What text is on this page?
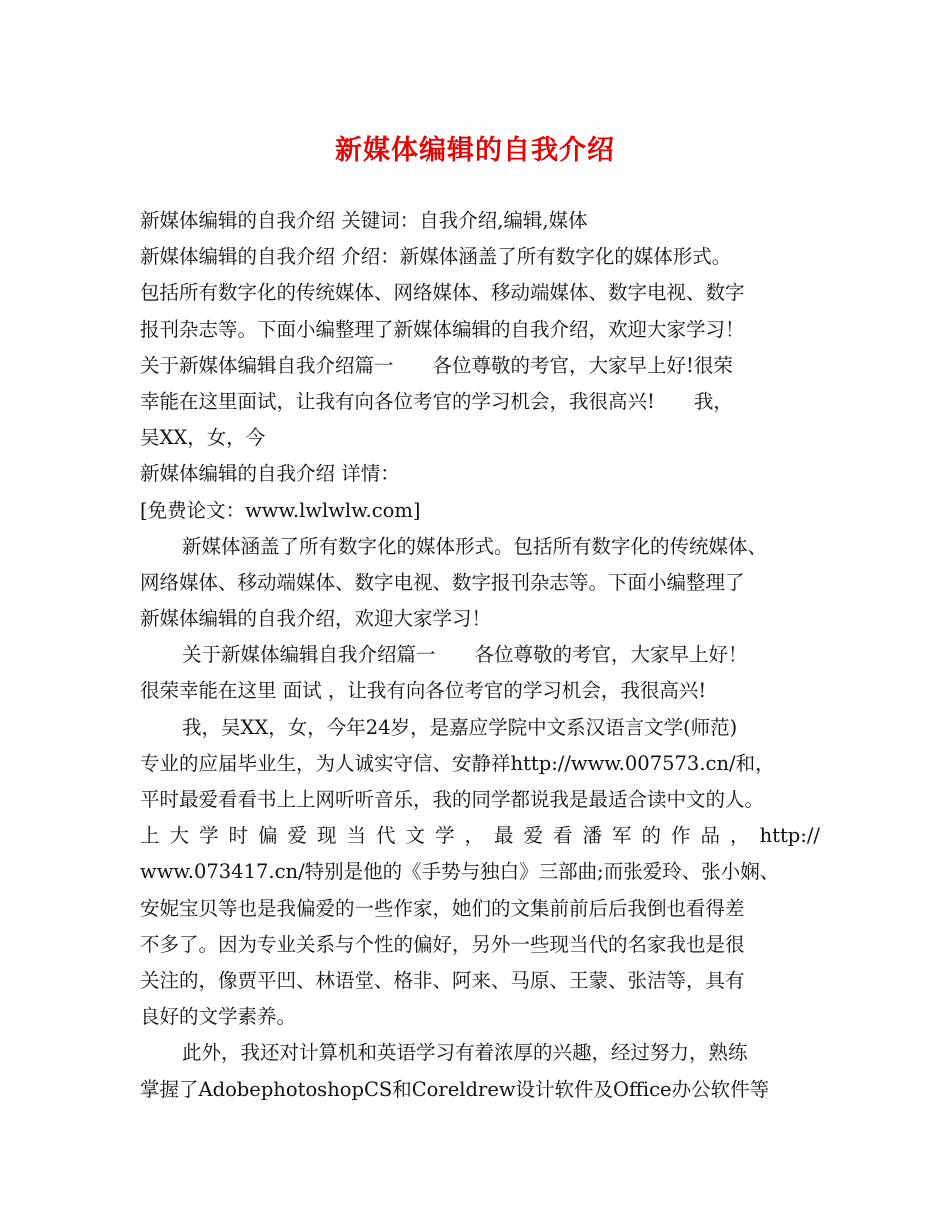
新媒体编辑的自我介绍
新媒体编辑的自我介绍 关键词：自我介绍,编辑,媒体
新媒体编辑的自我介绍 介绍：新媒体涵盖了所有数字化的媒体形式。
包括所有数字化的传统媒体、网络媒体、移动端媒体、数字电视、数字
报刊杂志等。下面小编整理了新媒体编辑的自我介绍，欢迎大家学习！
关于新媒体编辑自我介绍篇一　　各位尊敬的考官，大家早上好!很荣
幸能在这里面试，让我有向各位考官的学习机会，我很高兴!　　我，
吴XX，女，今
新媒体编辑的自我介绍 详情：
[免费论文：www.lwlwlw.com]
新媒体涵盖了所有数字化的媒体形式。包括所有数字化的传统媒体、
网络媒体、移动端媒体、数字电视、数字报刊杂志等。下面小编整理了
新媒体编辑的自我介绍，欢迎大家学习！
关于新媒体编辑自我介绍篇一　　各位尊敬的考官，大家早上好！
很荣幸能在这里 面试 ，让我有向各位考官的学习机会，我很高兴!
我，吴XX，女，今年24岁，是嘉应学院中文系汉语言文学(师范)
专业的应届毕业生，为人诚实守信、安静祥http://www.007573.cn/和，
平时最爱看看书上上网听听音乐，我的同学都说我是最适合读中文的人。
上大学时偏爱现当代文学，最爱看潘军的作品，http://
www.073417.cn/特别是他的《手势与独白》三部曲;而张爱玲、张小娴、
安妮宝贝等也是我偏爱的一些作家，她们的文集前前后后我倒也看得差
不多了。因为专业关系与个性的偏好，另外一些现当代的名家我也是很
关注的，像贾平凹、林语堂、格非、阿来、马原、王蒙、张洁等，具有
良好的文学素养。
此外，我还对计算机和英语学习有着浓厚的兴趣，经过努力，熟练
掌握了AdobephotoshopCS和Coreldrew设计软件及Office办公软件等
